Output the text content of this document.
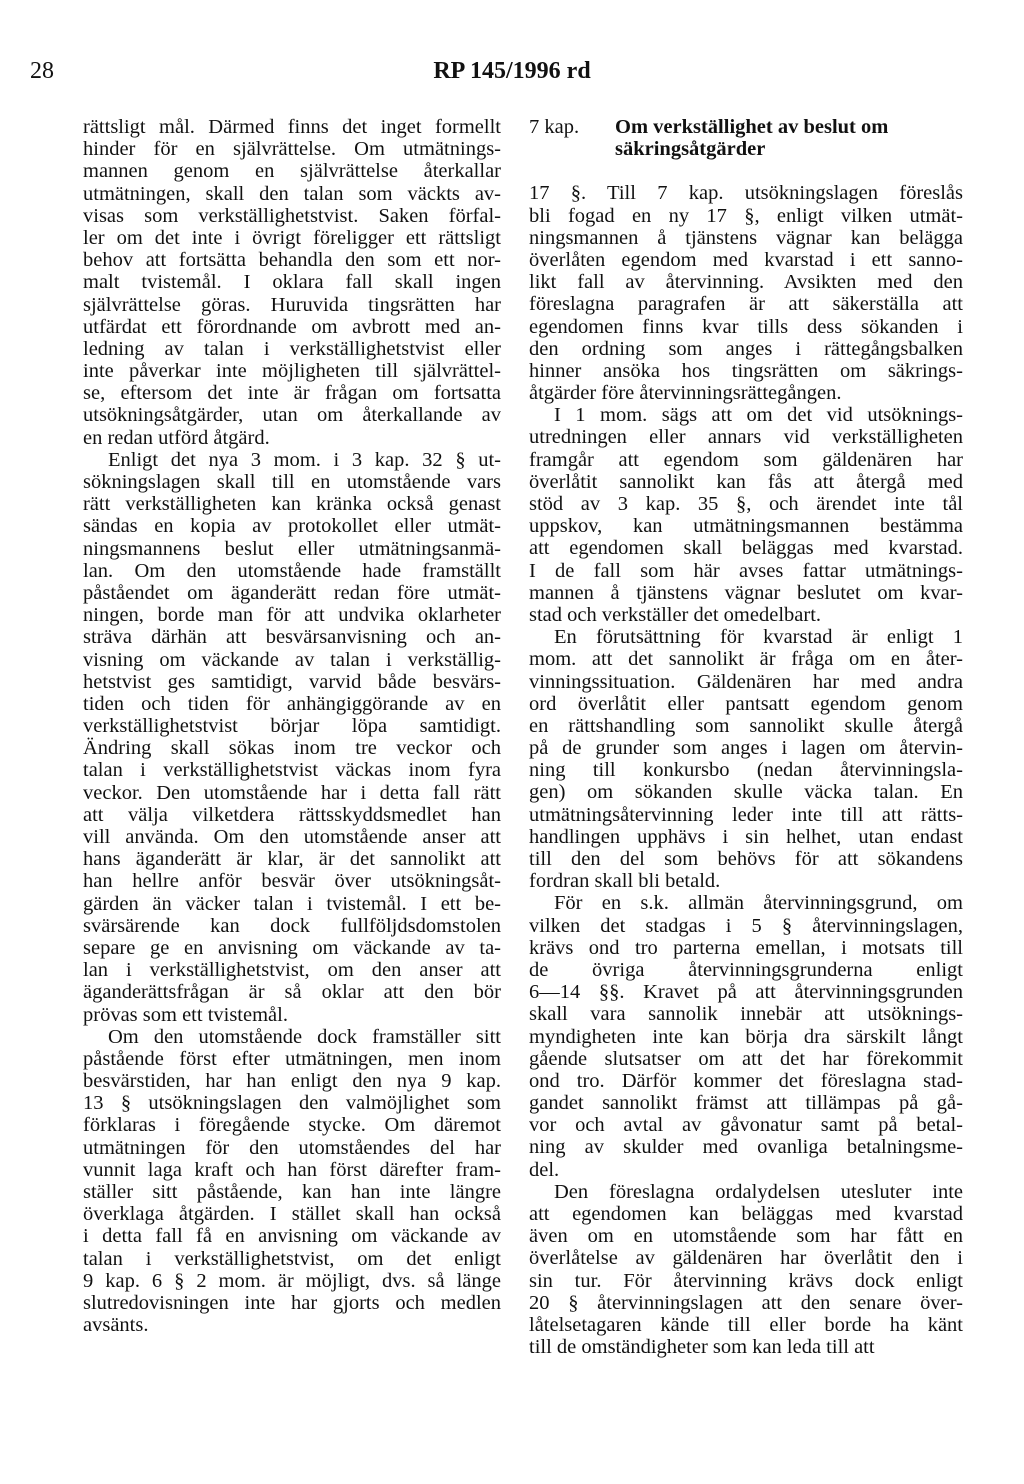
28	RP 145/1996 rd
rättsligt mål. Därmed finns det inget formellt
hinder för en självrättelse. Om utmätnings-
mannen genom en självrättelse återkallar
utmätningen, skall den talan som väckts av-
visas som verkställighetstvist. Saken förfal-
ler om det inte i övrigt föreligger ett rättsligt
behov att fortsätta behandla den som ett nor-
malt tvistemål. I oklara fall skall ingen
självrättelse göras. Huruvida tingsrätten har
utfärdat ett förordnande om avbrott med an-
ledning av talan i verkställighetstvist eller
inte påverkar inte möjligheten till självrättel-
se, eftersom det inte är frågan om fortsatta
utsökningsåtgärder, utan om återkallande av
en redan utförd åtgärd.
Enligt det nya 3 mom. i 3 kap. 32 § ut-
sökningslagen skall till en utomstående vars
rätt verkställigheten kan kränka också genast
sändas en kopia av protokollet eller utmät-
ningsmannens beslut eller utmätningsanmä-
lan. Om den utomstående hade framställt
påståendet om äganderätt redan före utmät-
ningen, borde man för att undvika oklarheter
sträva därhän att besvärsanvisning och an-
visning om väckande av talan i verkställig-
hetstvist ges samtidigt, varvid både besvärs-
tiden och tiden för anhängiggörande av en
verkställighetstvist börjar löpa samtidigt.
Ändring skall sökas inom tre veckor och
talan i verkställighetstvist väckas inom fyra
veckor. Den utomstående har i detta fall rätt
att välja vilketdera rättsskyddsmedlet han
vill använda. Om den utomstående anser att
hans äganderätt är klar, är det sannolikt att
han hellre anför besvär över utsökningsåt-
gärden än väcker talan i tvistemål. I ett be-
svärsärende kan dock fullföljdsdomstolen
separe ge en anvisning om väckande av ta-
lan i verkställighetstvist, om den anser att
äganderättsfrågan är så oklar att den bör
prövas som ett tvistemål.
Om den utomstående dock framställer sitt
påstående först efter utmätningen, men inom
besvärstiden, har han enligt den nya 9 kap.
13 § utsökningslagen den valmöjlighet som
förklaras i föregående stycke. Om däremot
utmätningen för den utomståendes del har
vunnit laga kraft och han först därefter fram-
ställer sitt påstående, kan han inte längre
överklaga åtgärden. I stället skall han också
i detta fall få en anvisning om väckande av
talan i verkställighetstvist, om det enligt
9 kap. 6 § 2 mom. är möjligt, dvs. så länge
slutredovisningen inte har gjorts och medlen
avsänts.
7 kap.	Om verkställighet av beslut om
säkringsåtgärder
17 §. Till 7 kap. utsökningslagen föreslås
bli fogad en ny 17 §, enligt vilken utmät-
ningsmannen å tjänstens vägnar kan belägga
överlåten egendom med kvarstad i ett sanno-
likt fall av återvinning. Avsikten med den
föreslagna paragrafen är att säkerställa att
egendomen finns kvar tills dess sökanden i
den ordning som anges i rättegångsbalken
hinner ansöka hos tingsrätten om säkrings-
åtgärder före återvinningsrättegången.
I 1 mom. sägs att om det vid utsöknings-
utredningen eller annars vid verkställigheten
framgår att egendom som gäldenären har
överlåtit sannolikt kan fås att återgå med
stöd av 3 kap. 35 §, och ärendet inte tål
uppskov, kan utmätningsmannen bestämma
att egendomen skall beläggas med kvarstad.
I de fall som här avses fattar utmätnings-
mannen å tjänstens vägnar beslutet om kvar-
stad och verkställer det omedelbart.
En förutsättning för kvarstad är enligt 1
mom. att det sannolikt är fråga om en åter-
vinningssituation. Gäldenären har med andra
ord överlåtit eller pantsatt egendom genom
en rättshandling som sannolikt skulle återgå
på de grunder som anges i lagen om återvin-
ning till konkursbo (nedan återvinningsla-
gen) om sökanden skulle väcka talan. En
utmätningsåtervinning leder inte till att rätts-
handlingen upphävs i sin helhet, utan endast
till den del som behövs för att sökandens
fordran skall bli betald.
För en s.k. allmän återvinningsgrund, om
vilken det stadgas i 5 § återvinningslagen,
krävs ond tro parterna emellan, i motsats till
de övriga återvinningsgrunderna enligt
6—14 §§. Kravet på att återvinningsgrunden
skall vara sannolik innebär att utsöknings-
myndigheten inte kan börja dra särskilt långt
gående slutsatser om att det har förekommit
ond tro. Därför kommer det föreslagna stad-
gandet sannolikt främst att tillämpas på gå-
vor och avtal av gåvonatur samt på betal-
ning av skulder med ovanliga betalningsme-
del.
Den föreslagna ordalydelsen utesluter inte
att egendomen kan beläggas med kvarstad
även om en utomstående som har fått en
överlåtelse av gäldenären har överlåtit den i
sin tur. För återvinning krävs dock enligt
20 § återvinningslagen att den senare över-
låtelsetagaren kände till eller borde ha känt
till de omständigheter som kan leda till att
